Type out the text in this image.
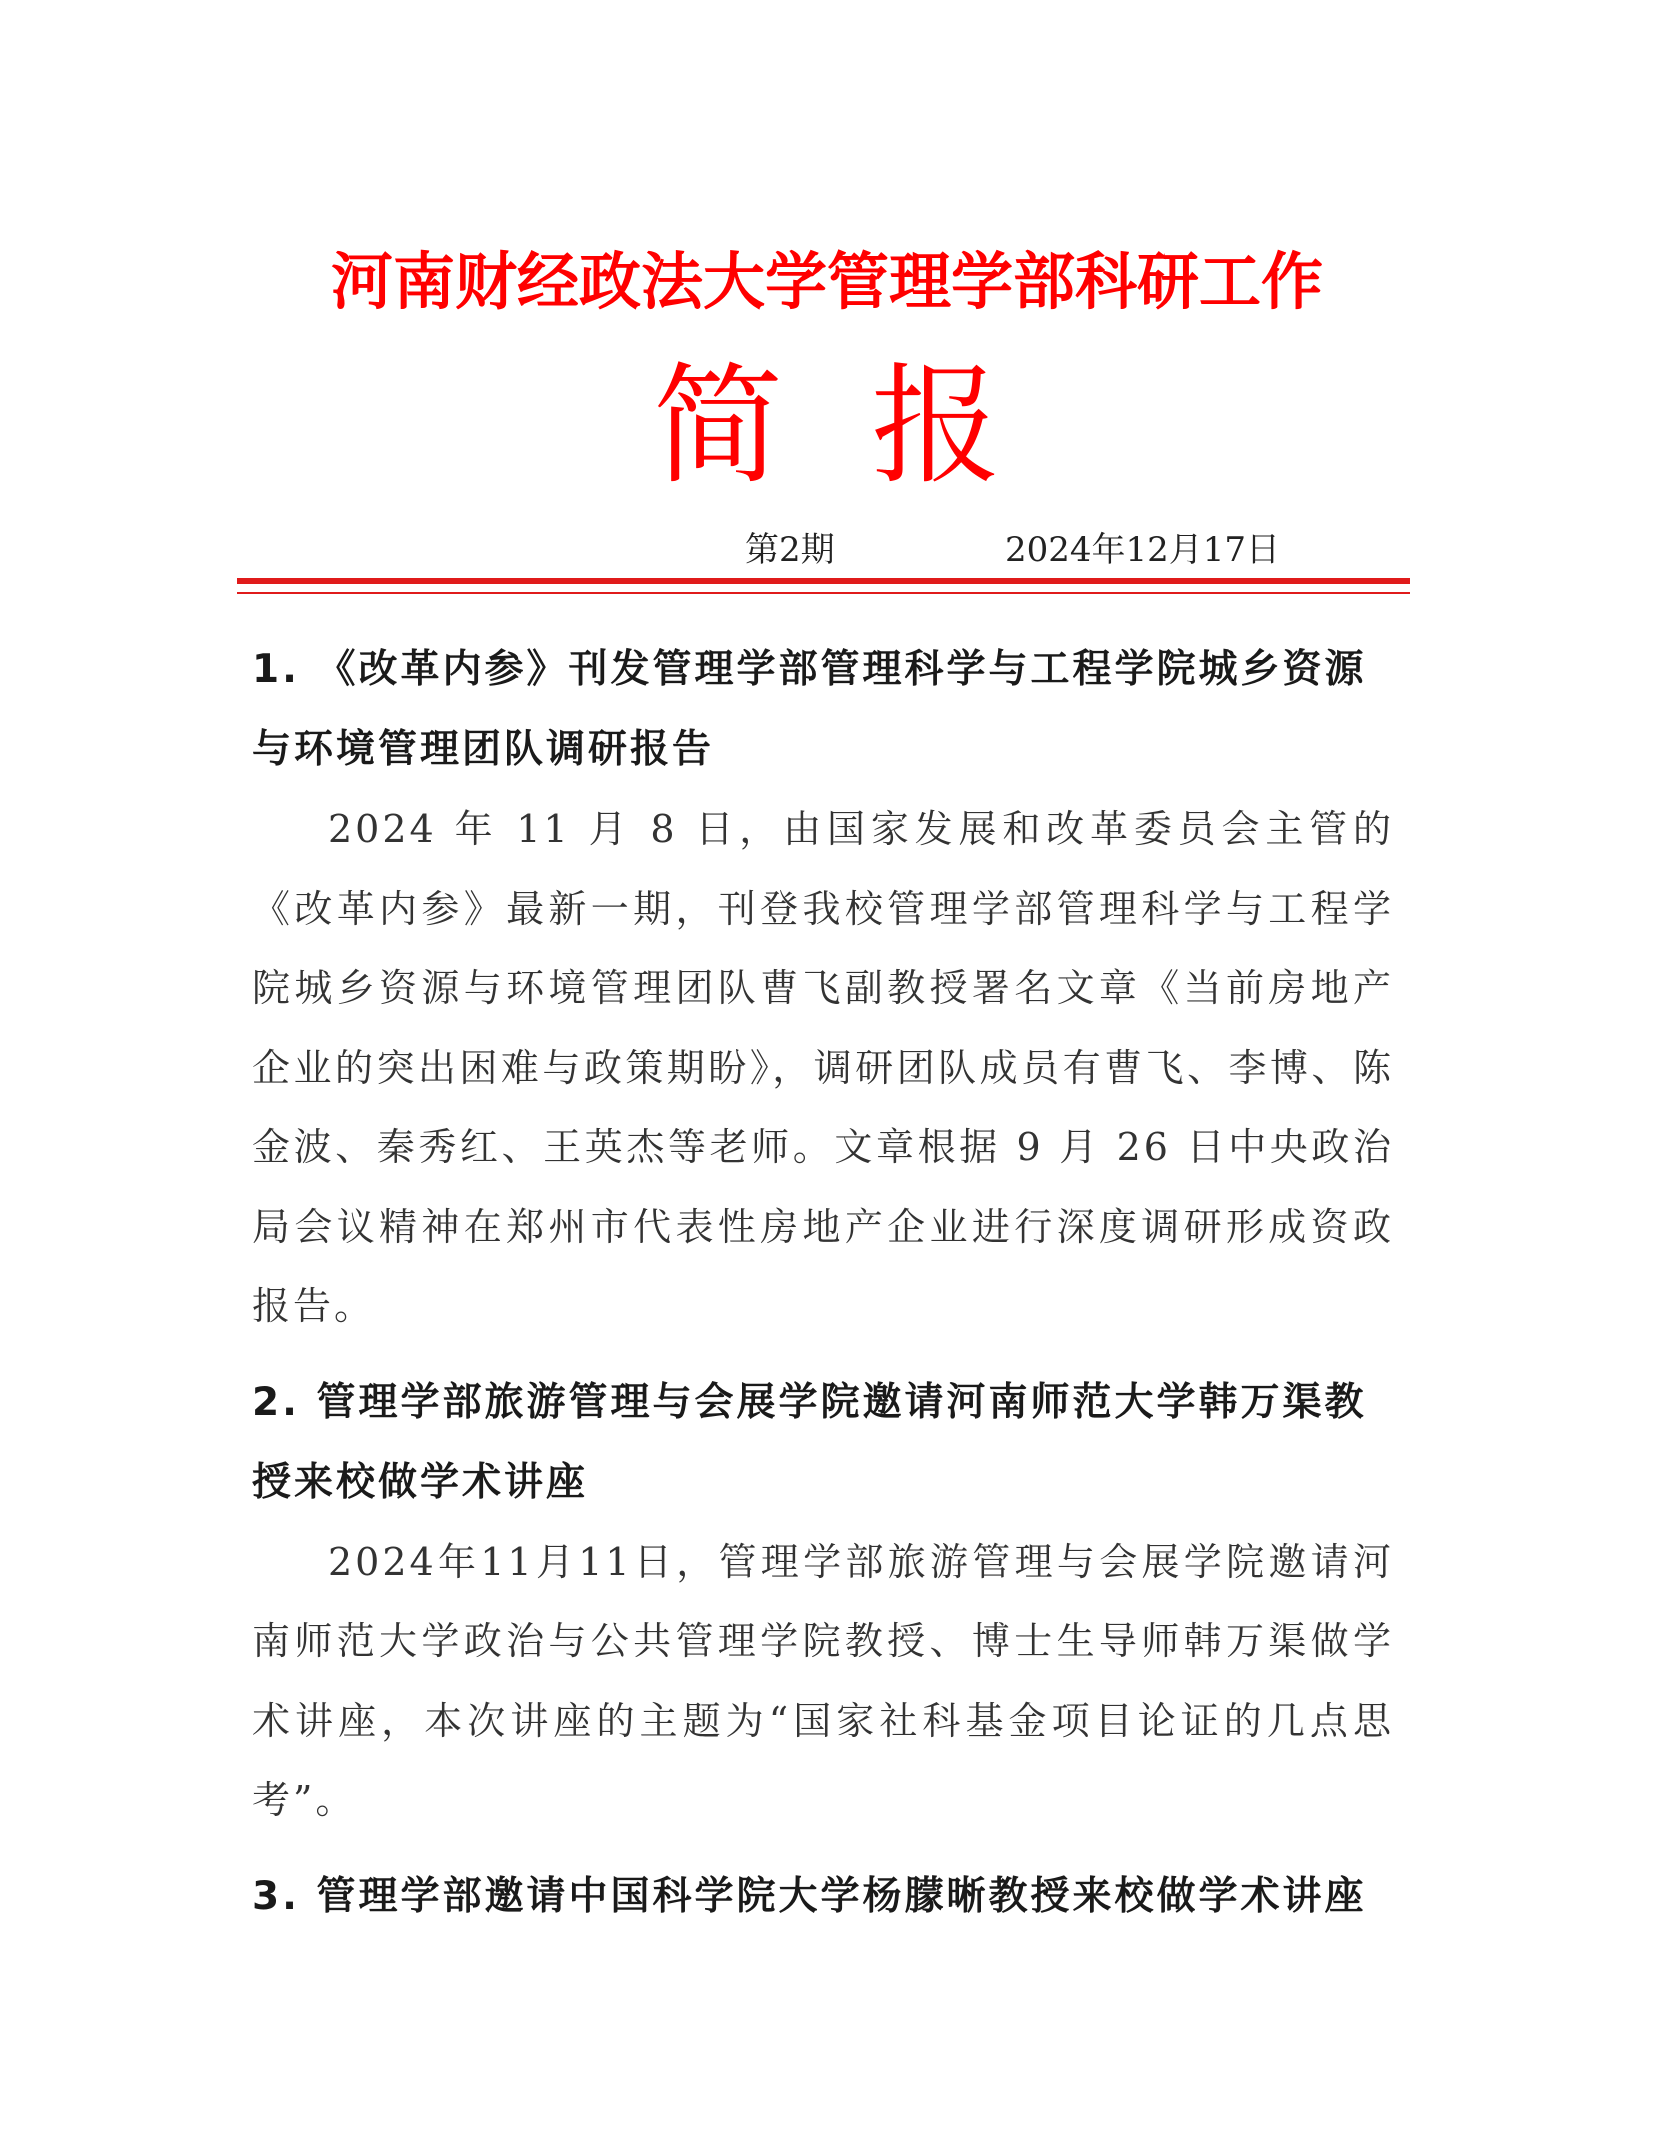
河南财经政法大学管理学部科研工作
简报
第2期	2024年12月17日
1. 《改革内参》刊发管理学部管理科学与工程学院城乡资源与环境管理团队调研报告

2024 年 11 月 8 日，由国家发展和改革委员会主管的《改革内参》最新一期，刊登我校管理学部管理科学与工程学院城乡资源与环境管理团队曹飞副教授署名文章《当前房地产企业的突出困难与政策期盼》，调研团队成员有曹飞、李博、陈金波、秦秀红、王英杰等老师。文章根据 9 月 26 日中央政治局会议精神在郑州市代表性房地产企业进行深度调研形成资政报告。

2. 管理学部旅游管理与会展学院邀请河南师范大学韩万渠教授来校做学术讲座

2024年11月11日，管理学部旅游管理与会展学院邀请河南师范大学政治与公共管理学院教授、博士生导师韩万渠做学术讲座，本次讲座的主题为“国家社科基金项目论证的几点思考”。

3. 管理学部邀请中国科学院大学杨朦晰教授来校做学术讲座
